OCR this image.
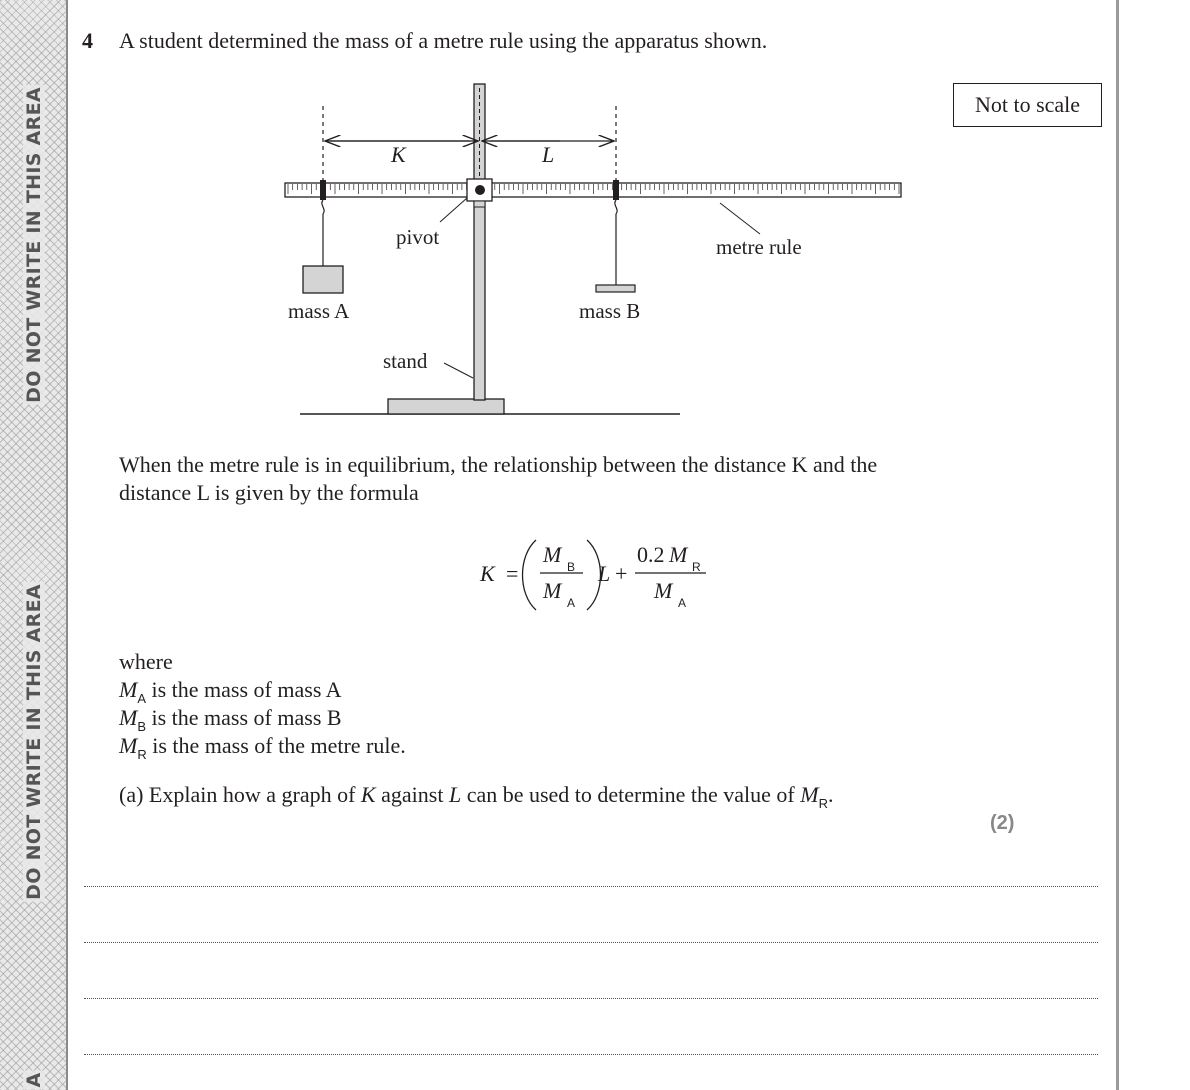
DO NOT WRITE IN THIS AREA
DO NOT WRITE IN THIS AREA
A
4 A student determined the mass of a metre rule using the apparatus shown.
Not to scale
K	L
pivot	metre rule
mass A	mass B
stand
When the metre rule is in equilibrium, the relationship between the distance K and the
distance L is given by the formula
K =
M B
M A
L +
0.2 M R
M A
where
$M_A$ is the mass of mass A
$M_B$ is the mass of mass B
$M_R$ is the mass of the metre rule.
(a) Explain how a graph of K against L can be used to determine the value of $M_R$.
(2)
